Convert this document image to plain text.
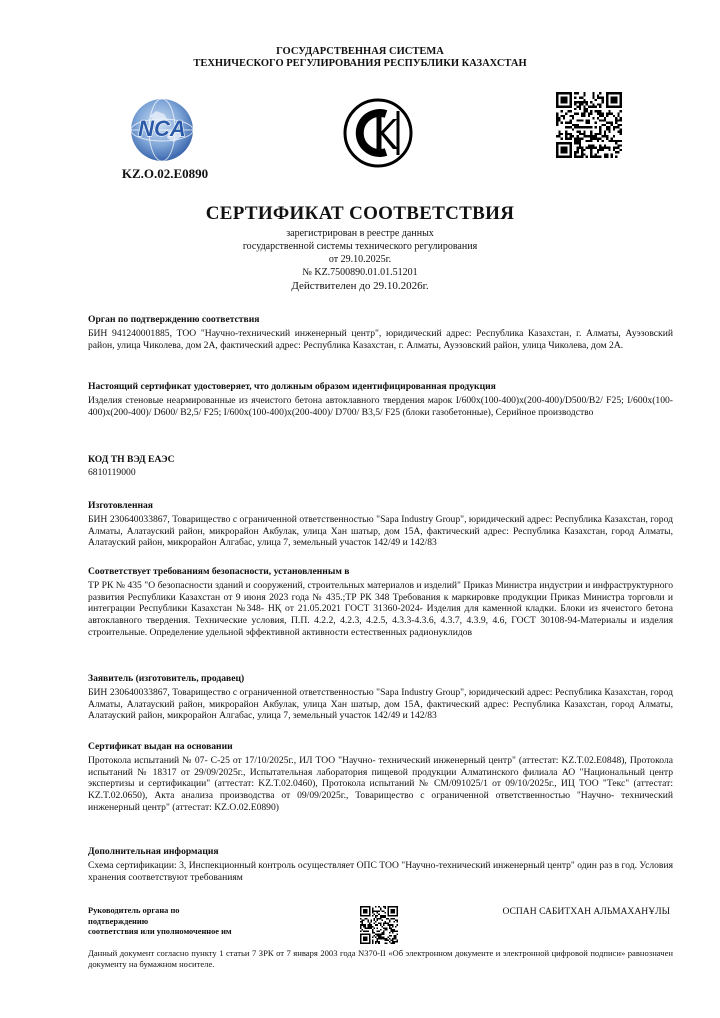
ГОСУДАРСТВЕННАЯ СИСТЕМА
ТЕХНИЧЕСКОГО РЕГУЛИРОВАНИЯ РЕСПУБЛИКИ КАЗАХСТАН
NCA
KZ.O.02.E0890
СЕРТИФИКАТ СООТВЕТСТВИЯ
зарегистрирован в реестре данных
государственной системы технического регулирования
от 29.10.2025г.
№ KZ.7500890.01.01.51201
Действителен до 29.10.2026г.
Орган по подтверждению соответствия
БИН 941240001885, ТОО "Научно-технический инженерный центр", юридический адрес: Республика Казахстан, г. Алматы, Ауэзовский район, улица Чиколева, дом 2А, фактический адрес: Республика Казахстан, г. Алматы, Ауэзовский район, улица Чиколева, дом 2А.
Настоящий сертификат удостоверяет, что должным образом идентифицированная продукция
Изделия стеновые неармированные из ячеистого бетона автоклавного твердения марок I/600х(100-400)х(200-400)/D500/B2/ F25; I/600х(100-400)х(200-400)/ D600/ B2,5/ F25; I/600х(100-400)х(200-400)/ D700/ B3,5/ F25 (блоки газобетонные), Серийное производство
КОД ТН ВЭД ЕАЭС
6810119000
Изготовленная
БИН 230640033867, Товарищество с ограниченной ответственностью "Sapa Industry Group", юридический адрес: Республика Казахстан, город Алматы, Алатауский район, микрорайон Акбулак, улица Хан шатыр, дом 15А, фактический адрес: Республика Казахстан, город Алматы, Алатауский район, микрорайон Алгабас, улица 7, земельный участок 142/49 и 142/83
Соответствует требованиям безопасности, установленным в
ТР РК № 435 "О безопасности зданий и сооружений, строительных материалов и изделий" Приказ Министра индустрии и инфраструктурного развития Республики Казахстан от 9 июня 2023 года № 435.;ТР РК 348 Требования к маркировке продукции Приказ Министра торговли и интеграции Республики Казахстан №348- НҚ от 21.05.2021 ГОСТ 31360-2024- Изделия для каменной кладки. Блоки из ячеистого бетона автоклавного твердения. Технические условия, П.П. 4.2.2, 4.2.3, 4.2.5, 4.3.3-4.3.6, 4.3.7, 4.3.9, 4.6, ГОСТ 30108-94-Материалы и изделия строительные. Определение удельной эффективной активности естественных радионуклидов
Заявитель (изготовитель, продавец)
БИН 230640033867, Товарищество с ограниченной ответственностью "Sapa Industry Group", юридический адрес: Республика Казахстан, город Алматы, Алатауский район, микрорайон Акбулак, улица Хан шатыр, дом 15А, фактический адрес: Республика Казахстан, город Алматы, Алатауский район, микрорайон Алгабас, улица 7, земельный участок 142/49 и 142/83
Сертификат выдан на основании
Протокола испытаний № 07- С-25 от 17/10/2025г., ИЛ ТОО "Научно- технический инженерный центр" (аттестат: KZ.T.02.E0848), Протокола испытаний № 18317 от 29/09/2025г., Испытательная лаборатория пищевой продукции Алматинского филиала АО "Национальный центр экспертизы и сертификации" (аттестат: KZ.T.02.0460), Протокола испытаний № СМ/091025/1 от 09/10/2025г., ИЦ ТОО "Текс" (аттестат: KZ.T.02.0650), Акта анализа производства от 09/09/2025г., Товарищество с ограниченной ответственностью "Научно- технический инженерный центр" (аттестат: KZ.O.02.E0890)
Дополнительная информация
Схема сертификации: 3, Инспекционный контроль осуществляет ОПС ТОО "Научно-технический инженерный центр" один раз в год. Условия хранения соответствуют требованиям
Руководитель органа по
подтверждению
соответствия или уполномоченное им
ОСПАН САБИТХАН АЛЬМАХАНҰЛЫ
Данный документ согласно пункту 1 статьи 7 ЗРК от 7 января 2003 года N370-II «Об электронном документе и электронной цифровой подписи» равнозначен документу на бумажном носителе.
